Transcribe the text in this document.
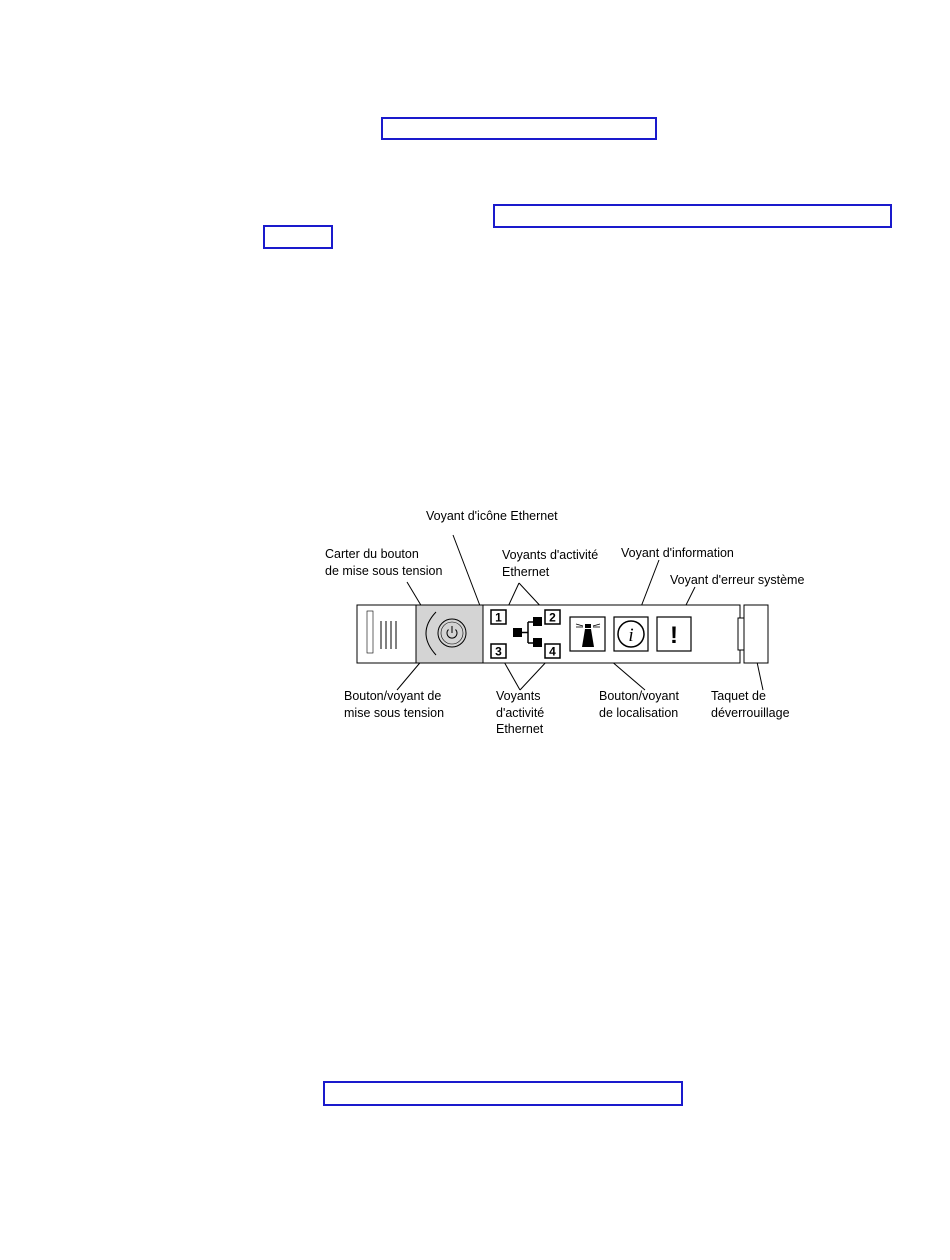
1	2
3	4
i !
Voyant d'icône Ethernet
Carter du bouton
de mise sous tension
Voyants d'activité
Ethernet
Voyant d'information
Voyant d'erreur système
Bouton/voyant de
mise sous tension
Voyants
d'activité
Ethernet
Bouton/voyant
de localisation
Taquet de
déverrouillage
